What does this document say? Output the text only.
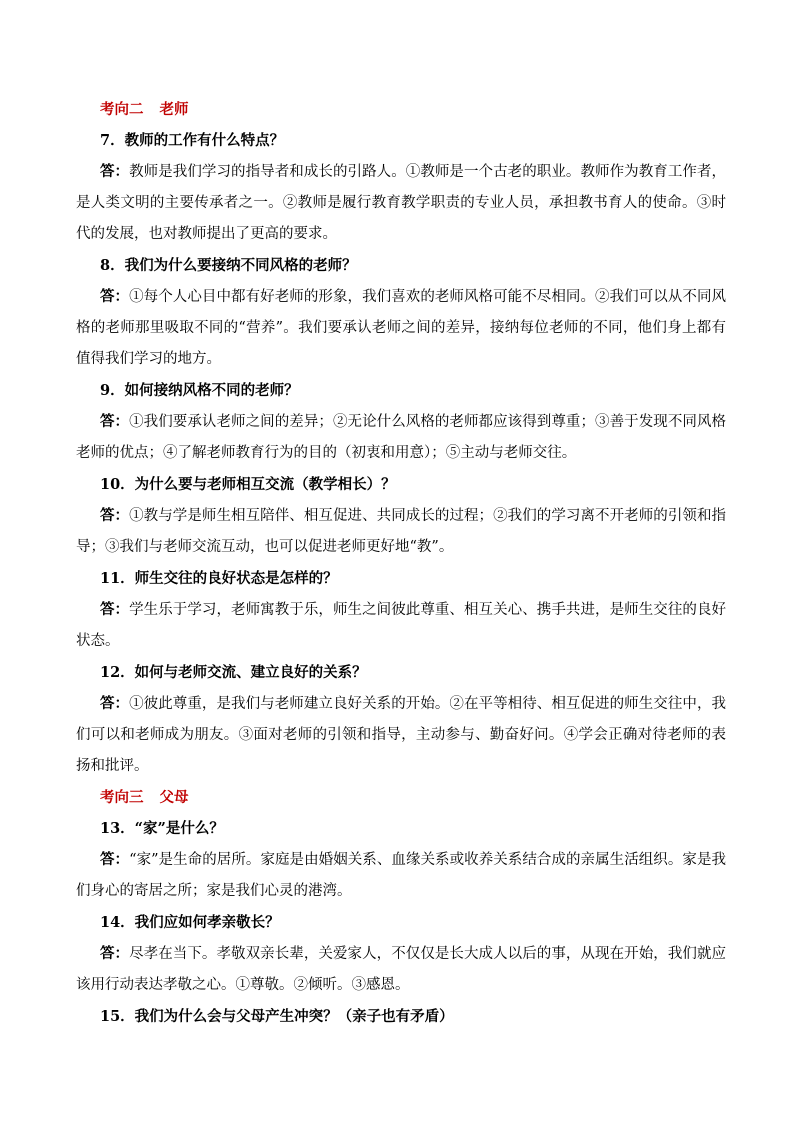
考向二 老师
7．教师的工作有什么特点？
答：教师是我们学习的指导者和成长的引路人。①教师是一个古老的职业。教师作为教育工作者，是人类文明的主要传承者之一。②教师是履行教育教学职责的专业人员，承担教书育人的使命。③时代的发展，也对教师提出了更高的要求。
8．我们为什么要接纳不同风格的老师？
答：①每个人心目中都有好老师的形象，我们喜欢的老师风格可能不尽相同。②我们可以从不同风格的老师那里吸取不同的“营养”。我们要承认老师之间的差异，接纳每位老师的不同，他们身上都有值得我们学习的地方。
9．如何接纳风格不同的老师？
答：①我们要承认老师之间的差异；②无论什么风格的老师都应该得到尊重；③善于发现不同风格老师的优点；④了解老师教育行为的目的（初衷和用意）；⑤主动与老师交往。
10．为什么要与老师相互交流（教学相长）？
答：①教与学是师生相互陪伴、相互促进、共同成长的过程；②我们的学习离不开老师的引领和指导；③我们与老师交流互动，也可以促进老师更好地“教”。
11．师生交往的良好状态是怎样的？
答：学生乐于学习，老师寓教于乐，师生之间彼此尊重、相互关心、携手共进，是师生交往的良好状态。
12．如何与老师交流、建立良好的关系？
答：①彼此尊重，是我们与老师建立良好关系的开始。②在平等相待、相互促进的师生交往中，我们可以和老师成为朋友。③面对老师的引领和指导，主动参与、勤奋好问。④学会正确对待老师的表扬和批评。
考向三 父母
13．“家”是什么？
答：“家”是生命的居所。家庭是由婚姻关系、血缘关系或收养关系结合成的亲属生活组织。家是我们身心的寄居之所；家是我们心灵的港湾。
14．我们应如何孝亲敬长？
答：尽孝在当下。孝敬双亲长辈，关爱家人，不仅仅是长大成人以后的事，从现在开始，我们就应该用行动表达孝敬之心。①尊敬。②倾听。③感恩。
15．我们为什么会与父母产生冲突？（亲子也有矛盾）
